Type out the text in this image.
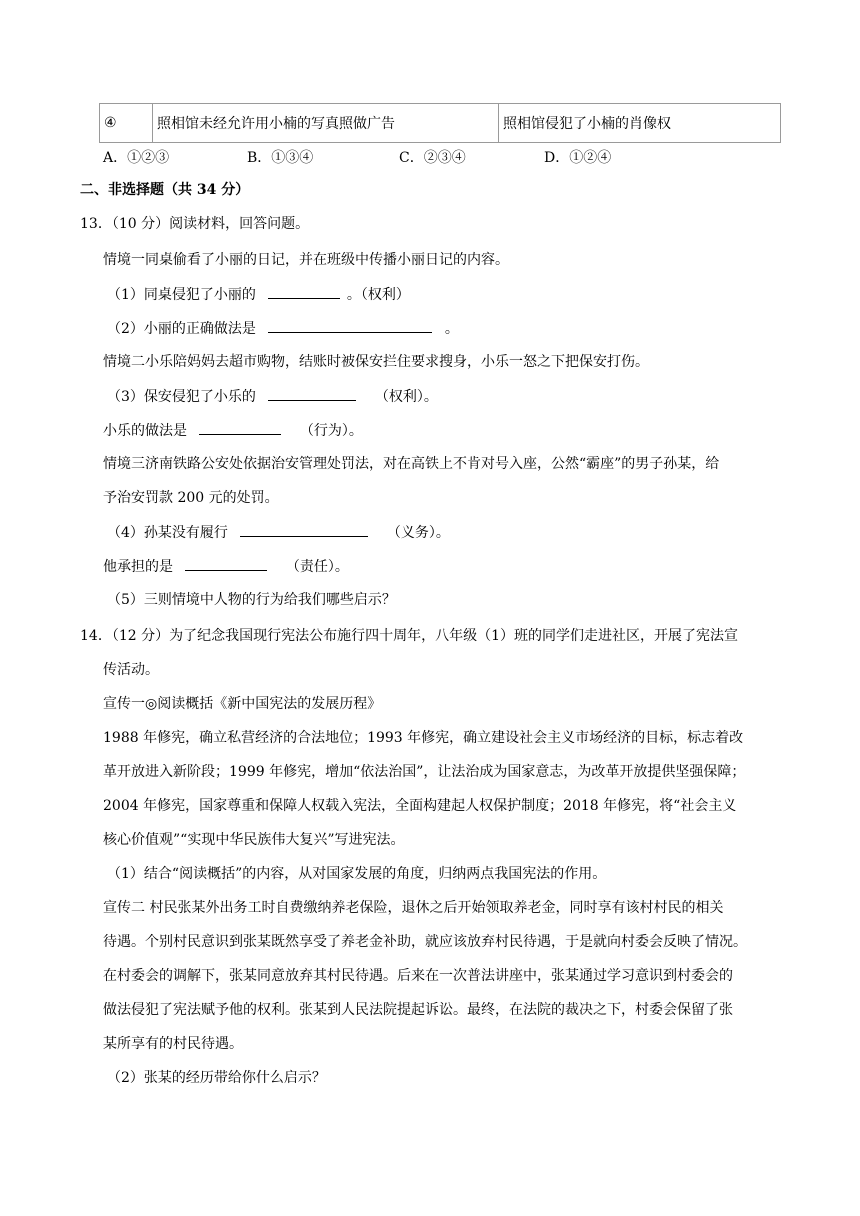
④	照相馆未经允许用小楠的写真照做广告	照相馆侵犯了小楠的肖像权
A．①②③	B．①③④	C．②③④	D．①②④
二、非选择题（共 34 分）
13．（10 分）阅读材料，回答问题。
情境一同桌偷看了小丽的日记，并在班级中传播小丽日记的内容。
（1）同桌侵犯了小丽的	。（权利）
（2）小丽的正确做法是	。
情境二小乐陪妈妈去超市购物，结账时被保安拦住要求搜身，小乐一怒之下把保安打伤。
（3）保安侵犯了小乐的	（权利）。
小乐的做法是	（行为）。
情境三济南铁路公安处依据治安管理处罚法，对在高铁上不肯对号入座，公然“霸座”的男子孙某，给
予治安罚款 200 元的处罚。
（4）孙某没有履行	（义务）。
他承担的是	（责任）。
（5）三则情境中人物的行为给我们哪些启示？
14．（12 分）为了纪念我国现行宪法公布施行四十周年，八年级（1）班的同学们走进社区，开展了宪法宣
传活动。
宣传一◎阅读概括《新中国宪法的发展历程》
1988 年修宪，确立私营经济的合法地位；1993 年修宪，确立建设社会主义市场经济的目标，标志着改
革开放进入新阶段；1999 年修宪，增加“依法治国”，让法治成为国家意志，为改革开放提供坚强保障；
2004 年修宪，国家尊重和保障人权载入宪法，全面构建起人权保护制度；2018 年修宪，将“社会主义
核心价值观”“实现中华民族伟大复兴”写进宪法。
（1）结合“阅读概括”的内容，从对国家发展的角度，归纳两点我国宪法的作用。
宣传二 村民张某外出务工时自费缴纳养老保险，退休之后开始领取养老金，同时享有该村村民的相关
待遇。个别村民意识到张某既然享受了养老金补助，就应该放弃村民待遇，于是就向村委会反映了情况。
在村委会的调解下，张某同意放弃其村民待遇。后来在一次普法讲座中，张某通过学习意识到村委会的
做法侵犯了宪法赋予他的权利。张某到人民法院提起诉讼。最终，在法院的裁决之下，村委会保留了张
某所享有的村民待遇。
（2）张某的经历带给你什么启示？
